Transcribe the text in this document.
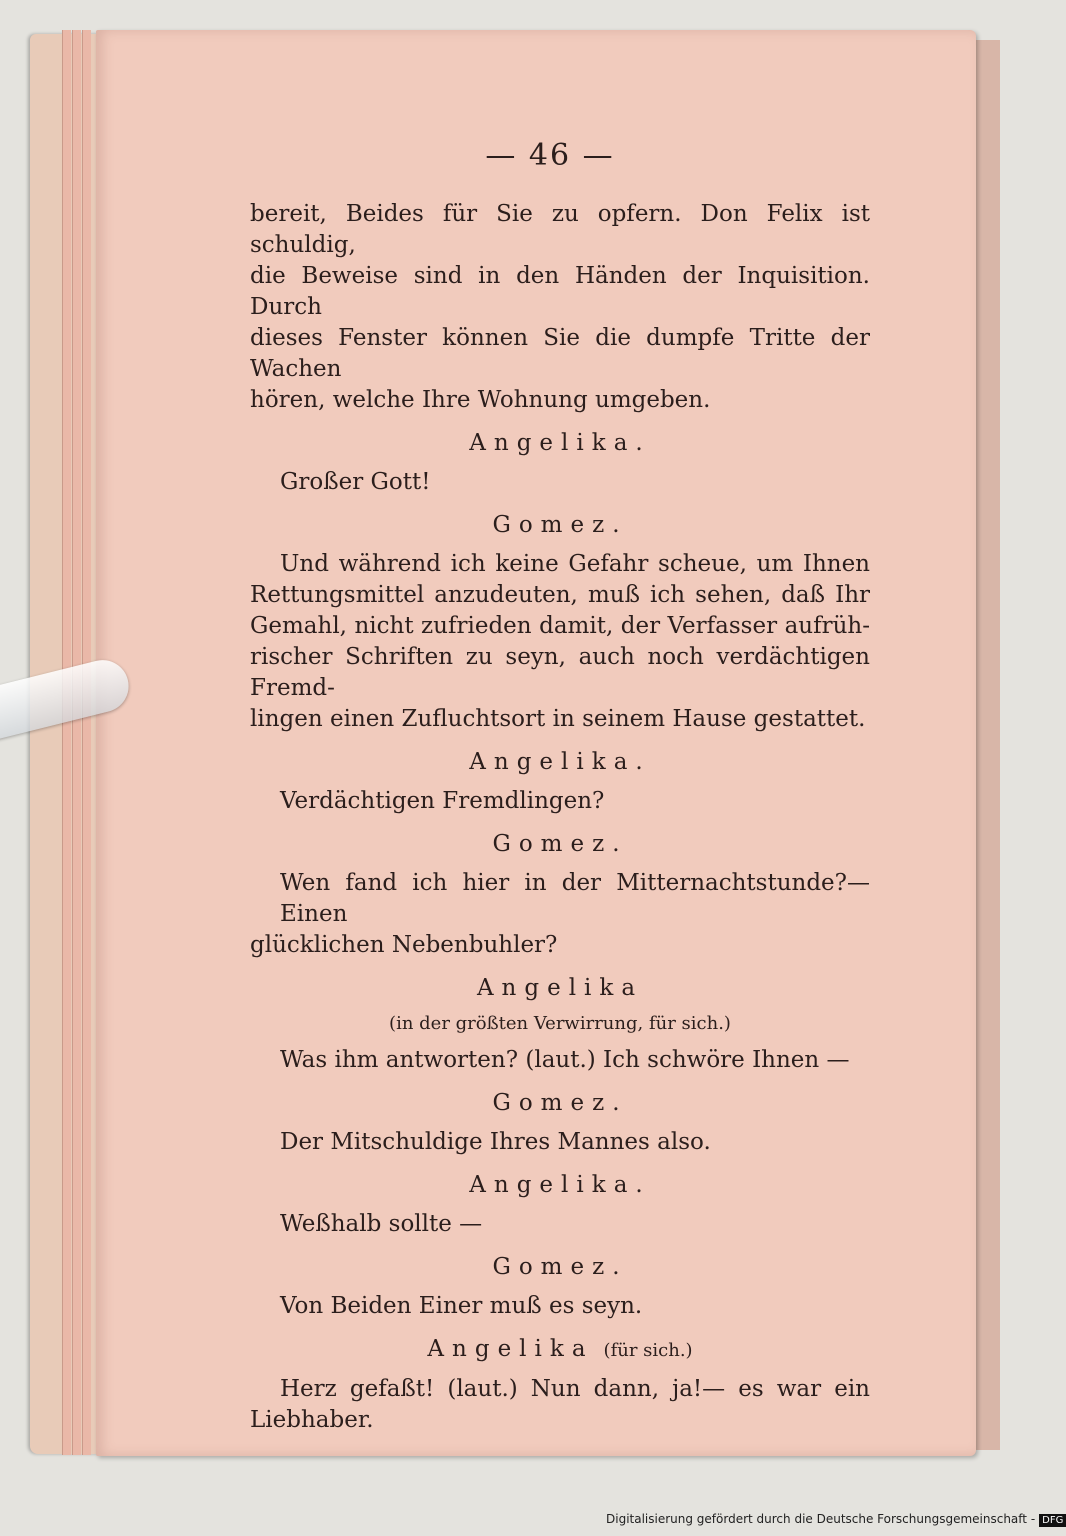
— 46 —
bereit, Beides für Sie zu opfern. Don Felix ist schuldig,
die Beweise sind in den Händen der Inquisition. Durch
dieses Fenster können Sie die dumpfe Tritte der Wachen
hören, welche Ihre Wohnung umgeben.
Angelika.
Großer Gott!
Gomez.
Und während ich keine Gefahr scheue, um Ihnen
Rettungsmittel anzudeuten, muß ich sehen, daß Ihr
Gemahl, nicht zufrieden damit, der Verfasser aufrüh-
rischer Schriften zu seyn, auch noch verdächtigen Fremd-
lingen einen Zufluchtsort in seinem Hause gestattet.
Angelika.
Verdächtigen Fremdlingen?
Gomez.
Wen fand ich hier in der Mitternachtstunde?— Einen
glücklichen Nebenbuhler?
Angelika
(in der größten Verwirrung, für sich.)
Was ihm antworten? (laut.) Ich schwöre Ihnen —
Gomez.
Der Mitschuldige Ihres Mannes also.
Angelika.
Weßhalb sollte —
Gomez.
Von Beiden Einer muß es seyn.
Angelika (für sich.)
Herz gefaßt! (laut.) Nun dann, ja!— es war ein
Liebhaber.
Digitalisierung gefördert durch die Deutsche Forschungsgemeinschaft - DFG
